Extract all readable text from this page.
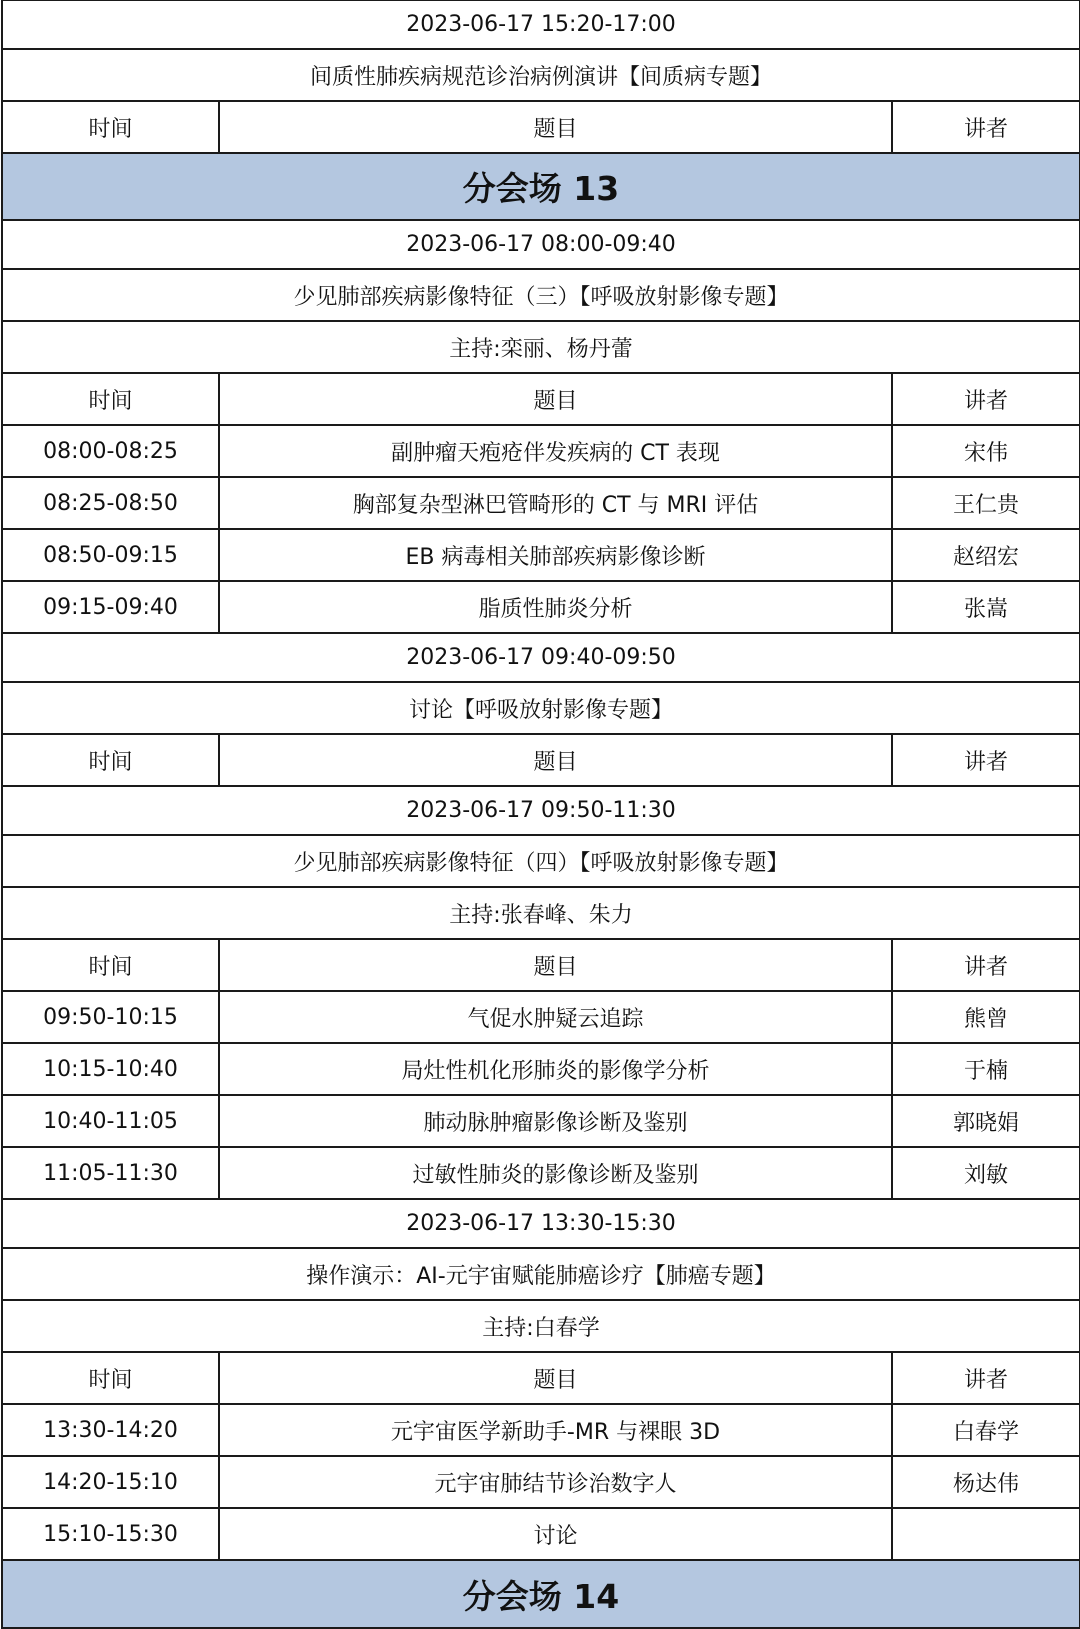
2023-06-17 15:20-17:00		
间质性肺疾病规范诊治病例演讲【间质病专题】		
时间	题目	讲者
分会场 13		
2023-06-17 08:00-09:40		
少见肺部疾病影像特征（三）【呼吸放射影像专题】		
主持:栾丽、杨丹蕾		
时间	题目	讲者
08:00-08:25	副肿瘤天疱疮伴发疾病的 CT 表现	宋伟
08:25-08:50	胸部复杂型淋巴管畸形的 CT 与 MRI 评估	王仁贵
08:50-09:15	EB 病毒相关肺部疾病影像诊断	赵绍宏
09:15-09:40	脂质性肺炎分析	张嵩
2023-06-17 09:40-09:50		
讨论【呼吸放射影像专题】		
时间	题目	讲者
2023-06-17 09:50-11:30		
少见肺部疾病影像特征（四）【呼吸放射影像专题】		
主持:张春峰、朱力		
时间	题目	讲者
09:50-10:15	气促水肿疑云追踪	熊曾
10:15-10:40	局灶性机化形肺炎的影像学分析	于楠
10:40-11:05	肺动脉肿瘤影像诊断及鉴别	郭晓娟
11:05-11:30	过敏性肺炎的影像诊断及鉴别	刘敏
2023-06-17 13:30-15:30		
操作演示：AI-元宇宙赋能肺癌诊疗【肺癌专题】		
主持:白春学		
时间	题目	讲者
13:30-14:20	元宇宙医学新助手-MR 与裸眼 3D	白春学
14:20-15:10	元宇宙肺结节诊治数字人	杨达伟
15:10-15:30	讨论	
分会场 14		
